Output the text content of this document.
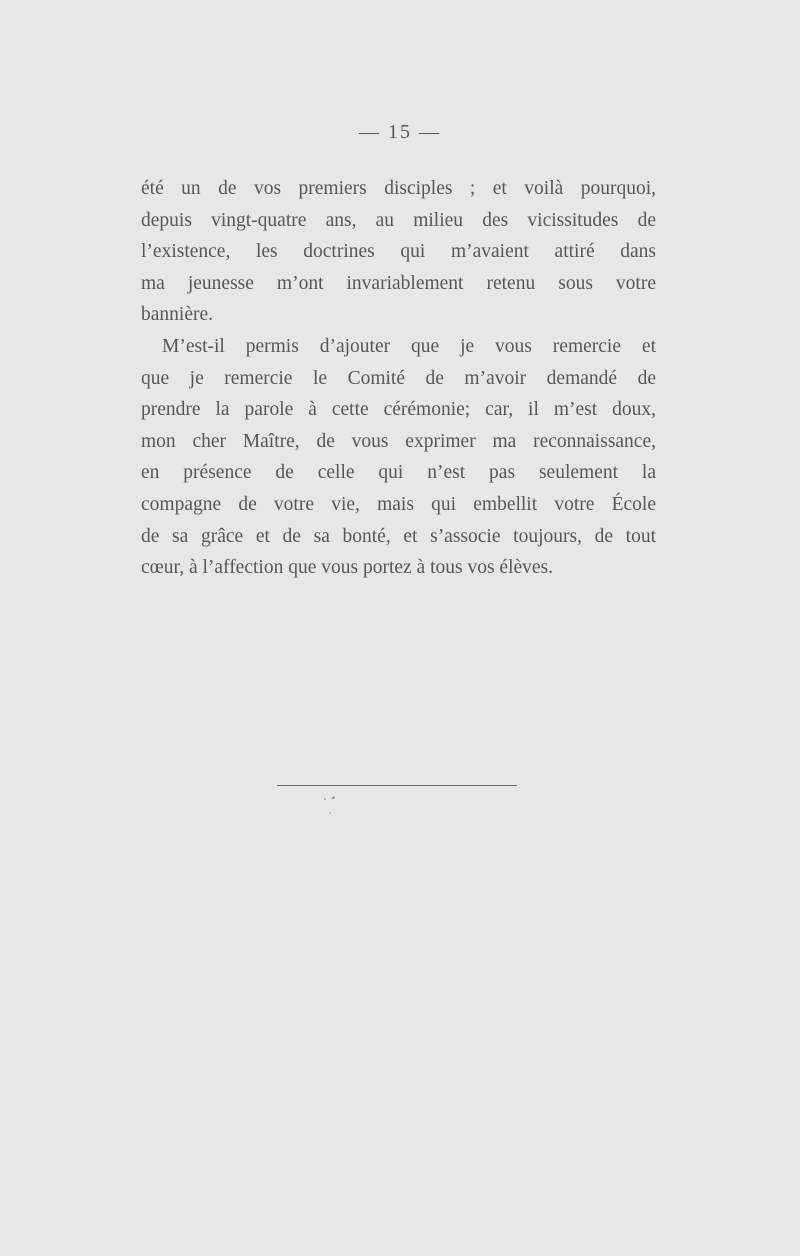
— 15 —
été un de vos premiers disciples ; et voilà pourquoi,
depuis vingt-quatre ans, au milieu des vicissitudes de
l’existence, les doctrines qui m’avaient attiré dans
ma jeunesse m’ont invariablement retenu sous votre
bannière.
M’est-il permis d’ajouter que je vous remercie et
que je remercie le Comité de m’avoir demandé de
prendre la parole à cette cérémonie; car, il m’est doux,
mon cher Maître, de vous exprimer ma reconnaissance,
en présence de celle qui n’est pas seulement la
compagne de votre vie, mais qui embellit votre École
de sa grâce et de sa bonté, et s’associe toujours, de tout
cœur, à l’affection que vous portez à tous vos élèves.
